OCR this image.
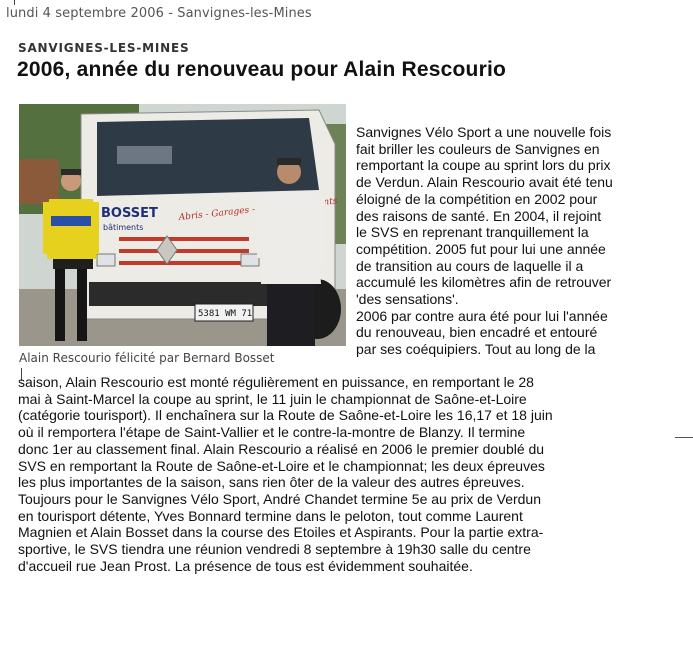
lundi 4 septembre 2006 - Sanvignes-les-Mines
SANVIGNES-LES-MINES
2006, année du renouveau pour Alain Rescourio
BOSSET
bâtiments
Abris - Garages -
5381 WM 71
Alain Rescourio félicité par Bernard Bosset
Sanvignes Vélo Sport a une nouvelle fois
fait briller les couleurs de Sanvignes en
remportant la coupe au sprint lors du prix
de Verdun. Alain Rescourio avait été tenu
éloigné de la compétition en 2002 pour
des raisons de santé. En 2004, il rejoint
le SVS en reprenant tranquillement la
compétition. 2005 fut pour lui une année
de transition au cours de laquelle il a
accumulé les kilomètres afin de retrouver
'des sensations'.
2006 par contre aura été pour lui l'année
du renouveau, bien encadré et entouré
par ses coéquipiers. Tout au long de la
saison, Alain Rescourio est monté régulièrement en puissance, en remportant le 28
mai à Saint-Marcel la coupe au sprint, le 11 juin le championnat de Saône-et-Loire
(catégorie tourisport). Il enchaînera sur la Route de Saône-et-Loire les 16,17 et 18 juin
où il remportera l'étape de Saint-Vallier et le contre-la-montre de Blanzy. Il termine
donc 1er au classement final. Alain Rescourio a réalisé en 2006 le premier doublé du
SVS en remportant la Route de Saône-et-Loire et le championnat; les deux épreuves
les plus importantes de la saison, sans rien ôter de la valeur des autres épreuves.
Toujours pour le Sanvignes Vélo Sport, André Chandet termine 5e au prix de Verdun
en tourisport détente, Yves Bonnard termine dans le peloton, tout comme Laurent
Magnien et Alain Bosset dans la course des Etoiles et Aspirants. Pour la partie extra-
sportive, le SVS tiendra une réunion vendredi 8 septembre à 19h30 salle du centre
d'accueil rue Jean Prost. La présence de tous est évidemment souhaitée.
